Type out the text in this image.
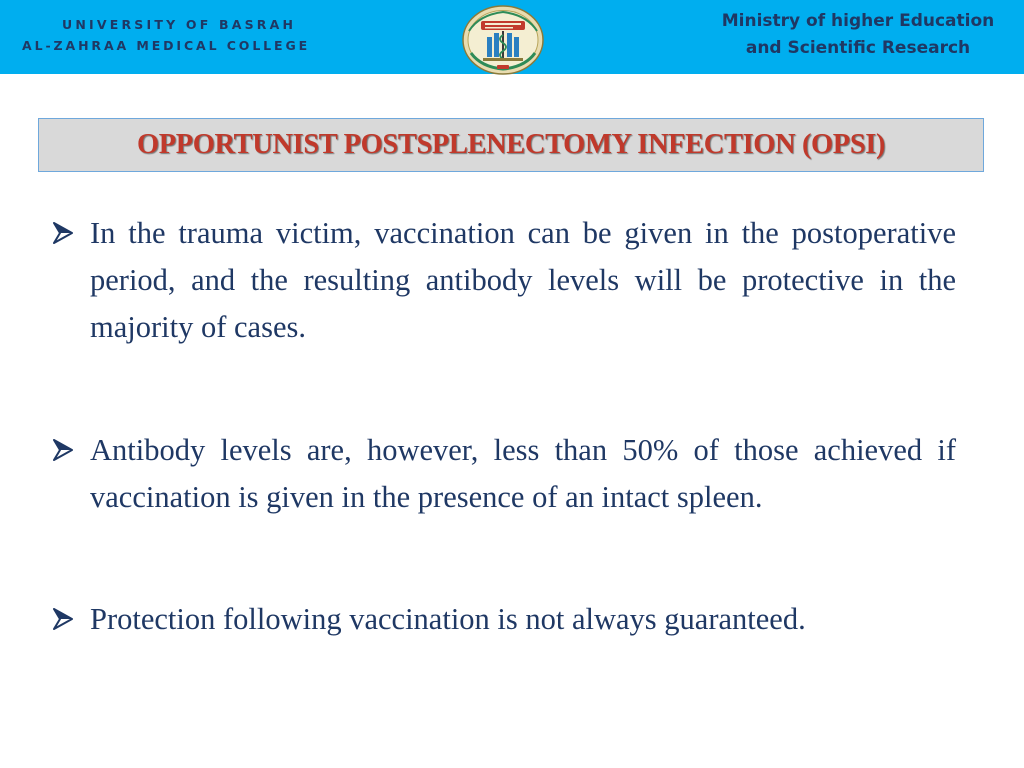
UNIVERSITY OF BASRAH
AL-ZAHRAA MEDICAL COLLEGE
Ministry of higher Education
and Scientific Research
OPPORTUNIST POSTSPLENECTOMY INFECTION (OPSI)
In the trauma victim, vaccination can be given in the postoperative period, and the resulting antibody levels will be protective in the majority of cases.
Antibody levels are, however, less than 50% of those achieved if vaccination is given in the presence of an intact spleen.
Protection following vaccination is not always guaranteed.
